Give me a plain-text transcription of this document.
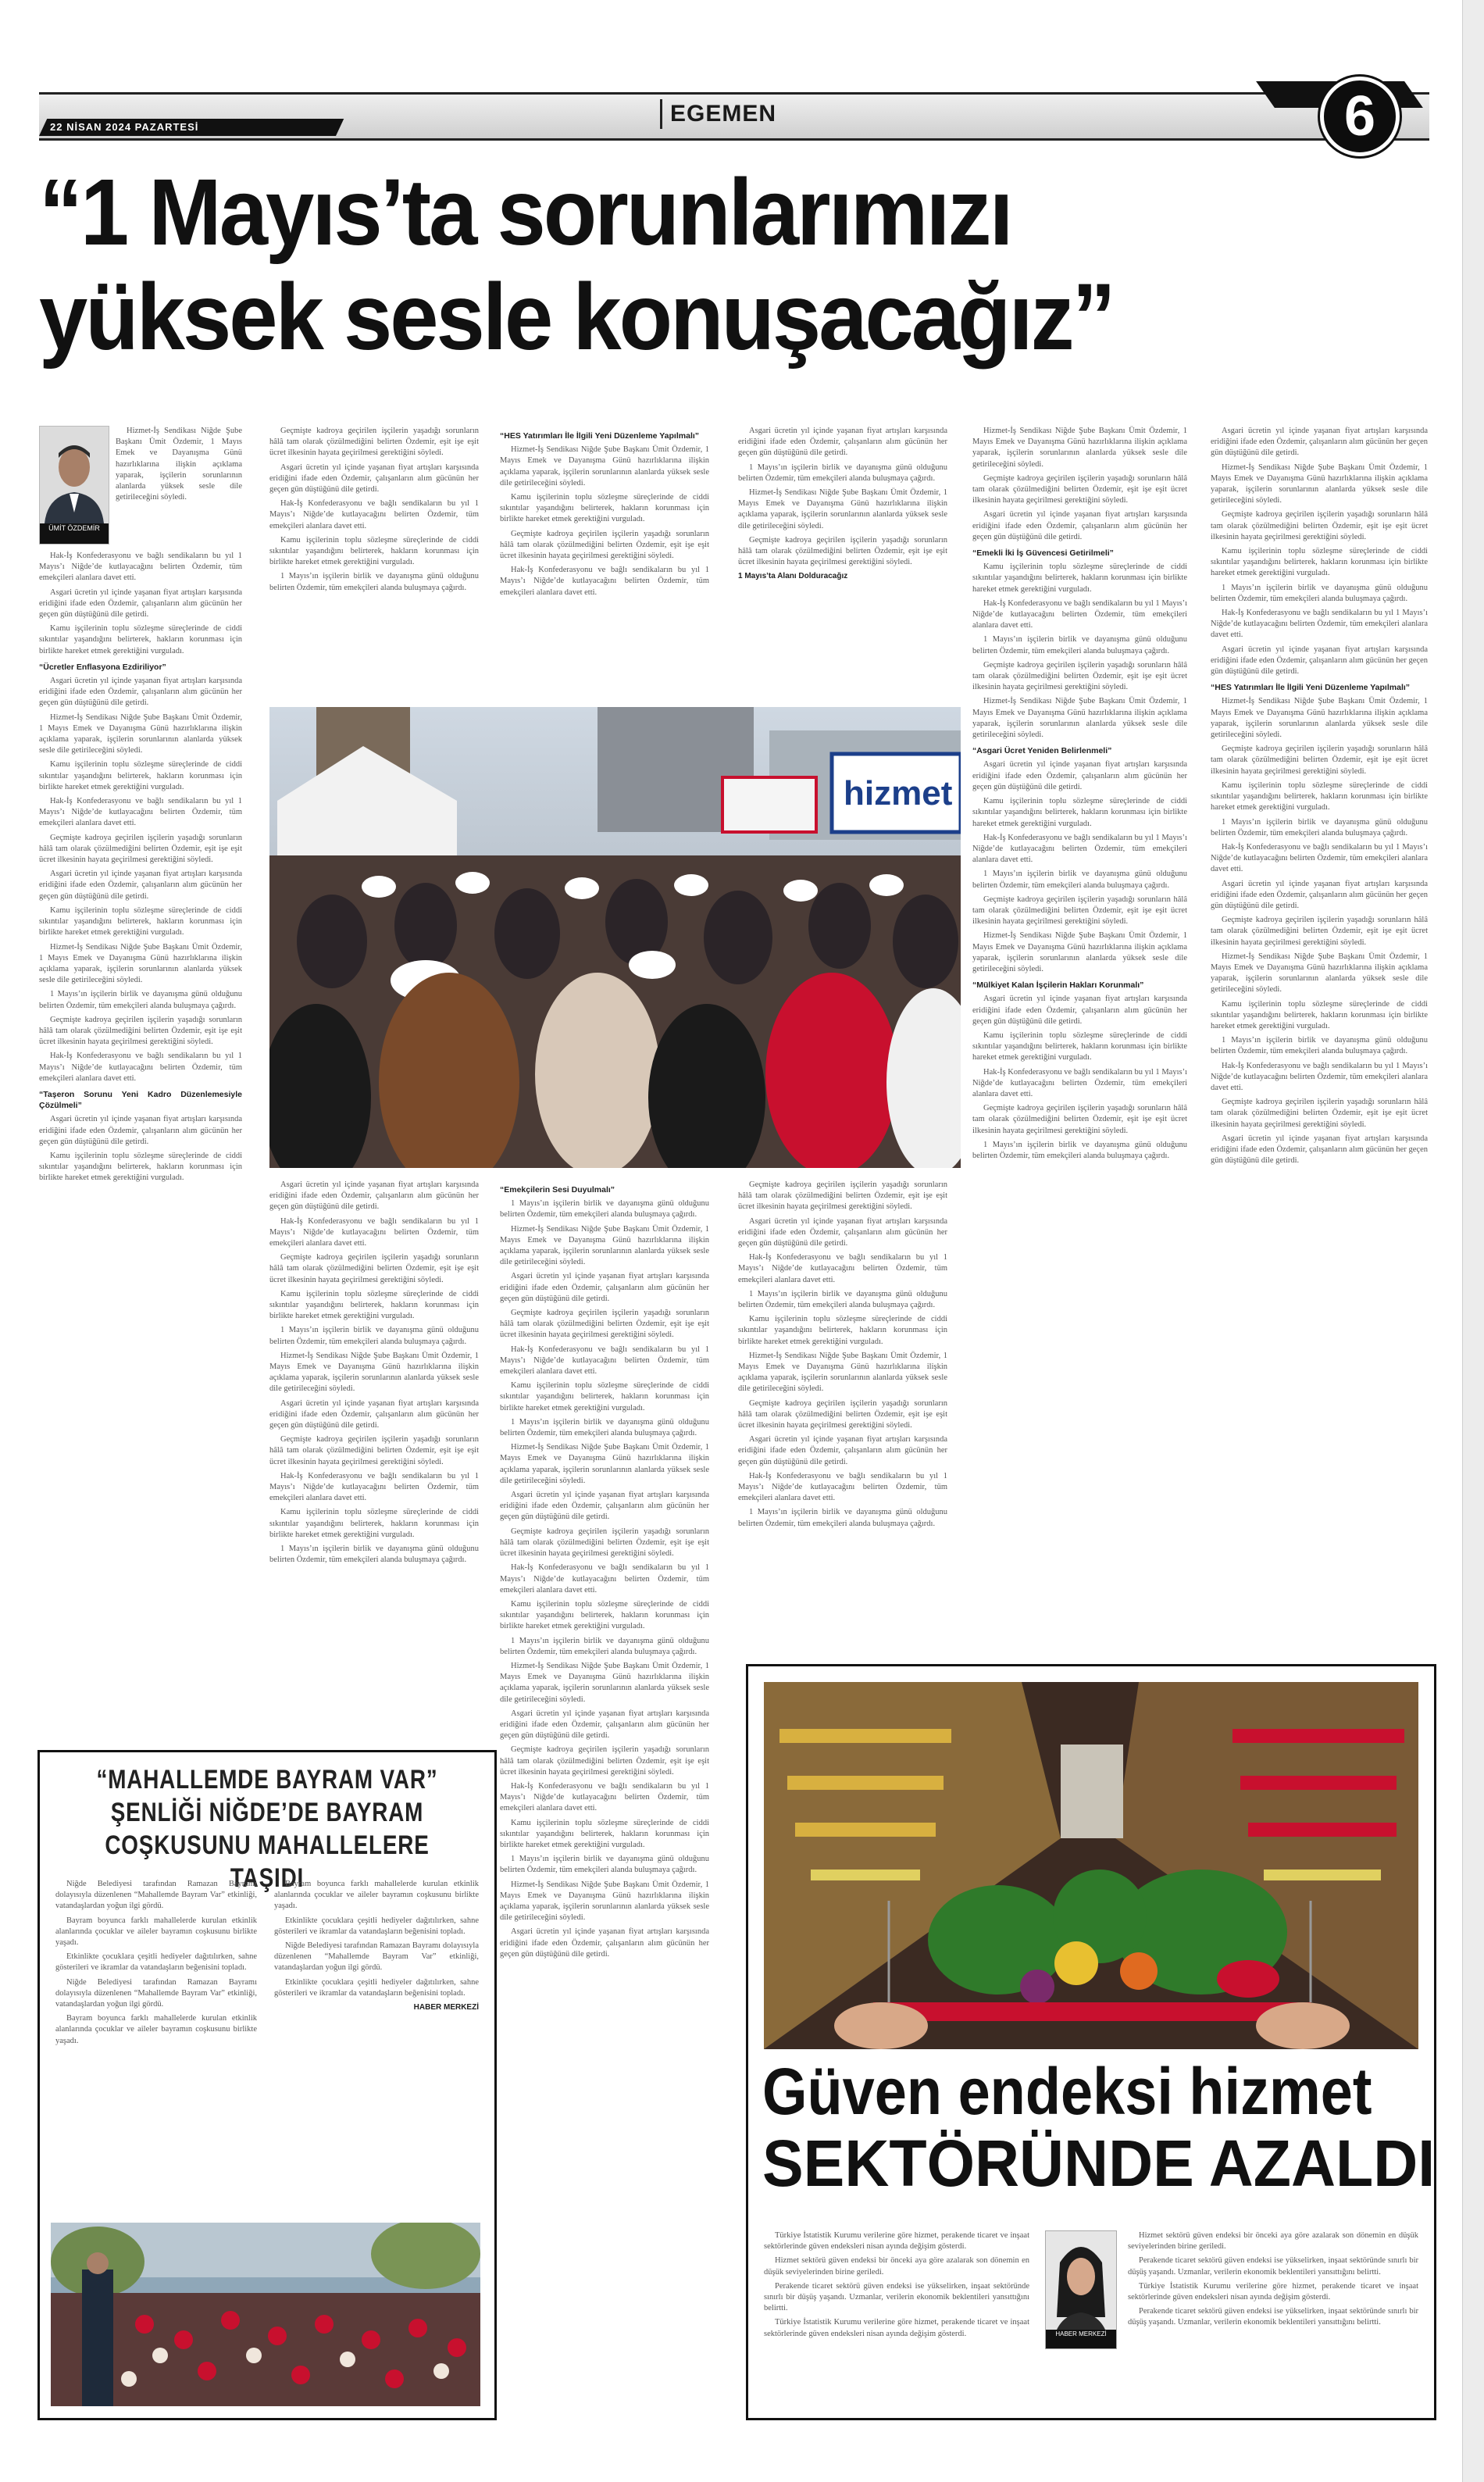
22 NİSAN 2024 PAZARTESİ
EGEMEN	6
“1 Mayıs’ta sorunlarımızı
yüksek sesle konuşacağız”
ÜMİT ÖZDEMİR

Hizmet-İş Sendikası Niğde Şube Başkanı Ümit Özdemir, 1 Mayıs Emek ve Dayanışma Günü hazırlıklarına ilişkin açıklama yaparak, işçilerin sorunlarının alanlarda yüksek sesle dile getirileceğini söyledi.

Hak-İş Konfederasyonu ve bağlı sendikaların bu yıl 1 Mayıs’ı Niğde’de kutlayacağını belirten Özdemir, tüm emekçileri alanlara davet etti.

Asgari ücretin yıl içinde yaşanan fiyat artışları karşısında eridiğini ifade eden Özdemir, çalışanların alım gücünün her geçen gün düştüğünü dile getirdi.

Kamu işçilerinin toplu sözleşme süreçlerinde de ciddi sıkıntılar yaşandığını belirterek, hakların korunması için birlikte hareket etmek gerektiğini vurguladı.

“Ücretler Enflasyona Ezdiriliyor”

Asgari ücretin yıl içinde yaşanan fiyat artışları karşısında eridiğini ifade eden Özdemir, çalışanların alım gücünün her geçen gün düştüğünü dile getirdi.

Hizmet-İş Sendikası Niğde Şube Başkanı Ümit Özdemir, 1 Mayıs Emek ve Dayanışma Günü hazırlıklarına ilişkin açıklama yaparak, işçilerin sorunlarının alanlarda yüksek sesle dile getirileceğini söyledi.

Kamu işçilerinin toplu sözleşme süreçlerinde de ciddi sıkıntılar yaşandığını belirterek, hakların korunması için birlikte hareket etmek gerektiğini vurguladı.

Hak-İş Konfederasyonu ve bağlı sendikaların bu yıl 1 Mayıs’ı Niğde’de kutlayacağını belirten Özdemir, tüm emekçileri alanlara davet etti.

Geçmişte kadroya geçirilen işçilerin yaşadığı sorunların hâlâ tam olarak çözülmediğini belirten Özdemir, eşit işe eşit ücret ilkesinin hayata geçirilmesi gerektiğini söyledi.

Asgari ücretin yıl içinde yaşanan fiyat artışları karşısında eridiğini ifade eden Özdemir, çalışanların alım gücünün her geçen gün düştüğünü dile getirdi.

Kamu işçilerinin toplu sözleşme süreçlerinde de ciddi sıkıntılar yaşandığını belirterek, hakların korunması için birlikte hareket etmek gerektiğini vurguladı.

Hizmet-İş Sendikası Niğde Şube Başkanı Ümit Özdemir, 1 Mayıs Emek ve Dayanışma Günü hazırlıklarına ilişkin açıklama yaparak, işçilerin sorunlarının alanlarda yüksek sesle dile getirileceğini söyledi.

1 Mayıs’ın işçilerin birlik ve dayanışma günü olduğunu belirten Özdemir, tüm emekçileri alanda buluşmaya çağırdı.

Geçmişte kadroya geçirilen işçilerin yaşadığı sorunların hâlâ tam olarak çözülmediğini belirten Özdemir, eşit işe eşit ücret ilkesinin hayata geçirilmesi gerektiğini söyledi.

Hak-İş Konfederasyonu ve bağlı sendikaların bu yıl 1 Mayıs’ı Niğde’de kutlayacağını belirten Özdemir, tüm emekçileri alanlara davet etti.

“Taşeron Sorunu Yeni Kadro Düzenlemesiyle Çözülmeli”

Asgari ücretin yıl içinde yaşanan fiyat artışları karşısında eridiğini ifade eden Özdemir, çalışanların alım gücünün her geçen gün düştüğünü dile getirdi.

Kamu işçilerinin toplu sözleşme süreçlerinde de ciddi sıkıntılar yaşandığını belirterek, hakların korunması için birlikte hareket etmek gerektiğini vurguladı.

Geçmişte kadroya geçirilen işçilerin yaşadığı sorunların hâlâ tam olarak çözülmediğini belirten Özdemir, eşit işe eşit ücret ilkesinin hayata geçirilmesi gerektiğini söyledi.

Asgari ücretin yıl içinde yaşanan fiyat artışları karşısında eridiğini ifade eden Özdemir, çalışanların alım gücünün her geçen gün düştüğünü dile getirdi.

Hak-İş Konfederasyonu ve bağlı sendikaların bu yıl 1 Mayıs’ı Niğde’de kutlayacağını belirten Özdemir, tüm emekçileri alanlara davet etti.

Kamu işçilerinin toplu sözleşme süreçlerinde de ciddi sıkıntılar yaşandığını belirterek, hakların korunması için birlikte hareket etmek gerektiğini vurguladı.

1 Mayıs’ın işçilerin birlik ve dayanışma günü olduğunu belirten Özdemir, tüm emekçileri alanda buluşmaya çağırdı.

“HES Yatırımları İle İlgili Yeni Düzenleme Yapılmalı”

Hizmet-İş Sendikası Niğde Şube Başkanı Ümit Özdemir, 1 Mayıs Emek ve Dayanışma Günü hazırlıklarına ilişkin açıklama yaparak, işçilerin sorunlarının alanlarda yüksek sesle dile getirileceğini söyledi.

Kamu işçilerinin toplu sözleşme süreçlerinde de ciddi sıkıntılar yaşandığını belirterek, hakların korunması için birlikte hareket etmek gerektiğini vurguladı.

Geçmişte kadroya geçirilen işçilerin yaşadığı sorunların hâlâ tam olarak çözülmediğini belirten Özdemir, eşit işe eşit ücret ilkesinin hayata geçirilmesi gerektiğini söyledi.

Hak-İş Konfederasyonu ve bağlı sendikaların bu yıl 1 Mayıs’ı Niğde’de kutlayacağını belirten Özdemir, tüm emekçileri alanlara davet etti.

Asgari ücretin yıl içinde yaşanan fiyat artışları karşısında eridiğini ifade eden Özdemir, çalışanların alım gücünün her geçen gün düştüğünü dile getirdi.

1 Mayıs’ın işçilerin birlik ve dayanışma günü olduğunu belirten Özdemir, tüm emekçileri alanda buluşmaya çağırdı.

Hizmet-İş Sendikası Niğde Şube Başkanı Ümit Özdemir, 1 Mayıs Emek ve Dayanışma Günü hazırlıklarına ilişkin açıklama yaparak, işçilerin sorunlarının alanlarda yüksek sesle dile getirileceğini söyledi.

Geçmişte kadroya geçirilen işçilerin yaşadığı sorunların hâlâ tam olarak çözülmediğini belirten Özdemir, eşit işe eşit ücret ilkesinin hayata geçirilmesi gerektiğini söyledi.

1 Mayıs’ta Alanı Dolduracağız

hizmet

Asgari ücretin yıl içinde yaşanan fiyat artışları karşısında eridiğini ifade eden Özdemir, çalışanların alım gücünün her geçen gün düştüğünü dile getirdi.

Hak-İş Konfederasyonu ve bağlı sendikaların bu yıl 1 Mayıs’ı Niğde’de kutlayacağını belirten Özdemir, tüm emekçileri alanlara davet etti.

Geçmişte kadroya geçirilen işçilerin yaşadığı sorunların hâlâ tam olarak çözülmediğini belirten Özdemir, eşit işe eşit ücret ilkesinin hayata geçirilmesi gerektiğini söyledi.

Kamu işçilerinin toplu sözleşme süreçlerinde de ciddi sıkıntılar yaşandığını belirterek, hakların korunması için birlikte hareket etmek gerektiğini vurguladı.

1 Mayıs’ın işçilerin birlik ve dayanışma günü olduğunu belirten Özdemir, tüm emekçileri alanda buluşmaya çağırdı.

Hizmet-İş Sendikası Niğde Şube Başkanı Ümit Özdemir, 1 Mayıs Emek ve Dayanışma Günü hazırlıklarına ilişkin açıklama yaparak, işçilerin sorunlarının alanlarda yüksek sesle dile getirileceğini söyledi.

Asgari ücretin yıl içinde yaşanan fiyat artışları karşısında eridiğini ifade eden Özdemir, çalışanların alım gücünün her geçen gün düştüğünü dile getirdi.

Geçmişte kadroya geçirilen işçilerin yaşadığı sorunların hâlâ tam olarak çözülmediğini belirten Özdemir, eşit işe eşit ücret ilkesinin hayata geçirilmesi gerektiğini söyledi.

Hak-İş Konfederasyonu ve bağlı sendikaların bu yıl 1 Mayıs’ı Niğde’de kutlayacağını belirten Özdemir, tüm emekçileri alanlara davet etti.

Kamu işçilerinin toplu sözleşme süreçlerinde de ciddi sıkıntılar yaşandığını belirterek, hakların korunması için birlikte hareket etmek gerektiğini vurguladı.

1 Mayıs’ın işçilerin birlik ve dayanışma günü olduğunu belirten Özdemir, tüm emekçileri alanda buluşmaya çağırdı.

“Emekçilerin Sesi Duyulmalı”

1 Mayıs’ın işçilerin birlik ve dayanışma günü olduğunu belirten Özdemir, tüm emekçileri alanda buluşmaya çağırdı.

Hizmet-İş Sendikası Niğde Şube Başkanı Ümit Özdemir, 1 Mayıs Emek ve Dayanışma Günü hazırlıklarına ilişkin açıklama yaparak, işçilerin sorunlarının alanlarda yüksek sesle dile getirileceğini söyledi.

Asgari ücretin yıl içinde yaşanan fiyat artışları karşısında eridiğini ifade eden Özdemir, çalışanların alım gücünün her geçen gün düştüğünü dile getirdi.

Geçmişte kadroya geçirilen işçilerin yaşadığı sorunların hâlâ tam olarak çözülmediğini belirten Özdemir, eşit işe eşit ücret ilkesinin hayata geçirilmesi gerektiğini söyledi.

Hak-İş Konfederasyonu ve bağlı sendikaların bu yıl 1 Mayıs’ı Niğde’de kutlayacağını belirten Özdemir, tüm emekçileri alanlara davet etti.

Kamu işçilerinin toplu sözleşme süreçlerinde de ciddi sıkıntılar yaşandığını belirterek, hakların korunması için birlikte hareket etmek gerektiğini vurguladı.

1 Mayıs’ın işçilerin birlik ve dayanışma günü olduğunu belirten Özdemir, tüm emekçileri alanda buluşmaya çağırdı.

Hizmet-İş Sendikası Niğde Şube Başkanı Ümit Özdemir, 1 Mayıs Emek ve Dayanışma Günü hazırlıklarına ilişkin açıklama yaparak, işçilerin sorunlarının alanlarda yüksek sesle dile getirileceğini söyledi.

Asgari ücretin yıl içinde yaşanan fiyat artışları karşısında eridiğini ifade eden Özdemir, çalışanların alım gücünün her geçen gün düştüğünü dile getirdi.

Geçmişte kadroya geçirilen işçilerin yaşadığı sorunların hâlâ tam olarak çözülmediğini belirten Özdemir, eşit işe eşit ücret ilkesinin hayata geçirilmesi gerektiğini söyledi.

Hak-İş Konfederasyonu ve bağlı sendikaların bu yıl 1 Mayıs’ı Niğde’de kutlayacağını belirten Özdemir, tüm emekçileri alanlara davet etti.

Kamu işçilerinin toplu sözleşme süreçlerinde de ciddi sıkıntılar yaşandığını belirterek, hakların korunması için birlikte hareket etmek gerektiğini vurguladı.

1 Mayıs’ın işçilerin birlik ve dayanışma günü olduğunu belirten Özdemir, tüm emekçileri alanda buluşmaya çağırdı.

Hizmet-İş Sendikası Niğde Şube Başkanı Ümit Özdemir, 1 Mayıs Emek ve Dayanışma Günü hazırlıklarına ilişkin açıklama yaparak, işçilerin sorunlarının alanlarda yüksek sesle dile getirileceğini söyledi.

Asgari ücretin yıl içinde yaşanan fiyat artışları karşısında eridiğini ifade eden Özdemir, çalışanların alım gücünün her geçen gün düştüğünü dile getirdi.

Geçmişte kadroya geçirilen işçilerin yaşadığı sorunların hâlâ tam olarak çözülmediğini belirten Özdemir, eşit işe eşit ücret ilkesinin hayata geçirilmesi gerektiğini söyledi.

Hak-İş Konfederasyonu ve bağlı sendikaların bu yıl 1 Mayıs’ı Niğde’de kutlayacağını belirten Özdemir, tüm emekçileri alanlara davet etti.

Kamu işçilerinin toplu sözleşme süreçlerinde de ciddi sıkıntılar yaşandığını belirterek, hakların korunması için birlikte hareket etmek gerektiğini vurguladı.

1 Mayıs’ın işçilerin birlik ve dayanışma günü olduğunu belirten Özdemir, tüm emekçileri alanda buluşmaya çağırdı.

Hizmet-İş Sendikası Niğde Şube Başkanı Ümit Özdemir, 1 Mayıs Emek ve Dayanışma Günü hazırlıklarına ilişkin açıklama yaparak, işçilerin sorunlarının alanlarda yüksek sesle dile getirileceğini söyledi.

Asgari ücretin yıl içinde yaşanan fiyat artışları karşısında eridiğini ifade eden Özdemir, çalışanların alım gücünün her geçen gün düştüğünü dile getirdi.

Geçmişte kadroya geçirilen işçilerin yaşadığı sorunların hâlâ tam olarak çözülmediğini belirten Özdemir, eşit işe eşit ücret ilkesinin hayata geçirilmesi gerektiğini söyledi.

Asgari ücretin yıl içinde yaşanan fiyat artışları karşısında eridiğini ifade eden Özdemir, çalışanların alım gücünün her geçen gün düştüğünü dile getirdi.

Hak-İş Konfederasyonu ve bağlı sendikaların bu yıl 1 Mayıs’ı Niğde’de kutlayacağını belirten Özdemir, tüm emekçileri alanlara davet etti.

1 Mayıs’ın işçilerin birlik ve dayanışma günü olduğunu belirten Özdemir, tüm emekçileri alanda buluşmaya çağırdı.

Kamu işçilerinin toplu sözleşme süreçlerinde de ciddi sıkıntılar yaşandığını belirterek, hakların korunması için birlikte hareket etmek gerektiğini vurguladı.

Hizmet-İş Sendikası Niğde Şube Başkanı Ümit Özdemir, 1 Mayıs Emek ve Dayanışma Günü hazırlıklarına ilişkin açıklama yaparak, işçilerin sorunlarının alanlarda yüksek sesle dile getirileceğini söyledi.

Geçmişte kadroya geçirilen işçilerin yaşadığı sorunların hâlâ tam olarak çözülmediğini belirten Özdemir, eşit işe eşit ücret ilkesinin hayata geçirilmesi gerektiğini söyledi.

Asgari ücretin yıl içinde yaşanan fiyat artışları karşısında eridiğini ifade eden Özdemir, çalışanların alım gücünün her geçen gün düştüğünü dile getirdi.

Hak-İş Konfederasyonu ve bağlı sendikaların bu yıl 1 Mayıs’ı Niğde’de kutlayacağını belirten Özdemir, tüm emekçileri alanlara davet etti.

1 Mayıs’ın işçilerin birlik ve dayanışma günü olduğunu belirten Özdemir, tüm emekçileri alanda buluşmaya çağırdı.

Hizmet-İş Sendikası Niğde Şube Başkanı Ümit Özdemir, 1 Mayıs Emek ve Dayanışma Günü hazırlıklarına ilişkin açıklama yaparak, işçilerin sorunlarının alanlarda yüksek sesle dile getirileceğini söyledi.

Geçmişte kadroya geçirilen işçilerin yaşadığı sorunların hâlâ tam olarak çözülmediğini belirten Özdemir, eşit işe eşit ücret ilkesinin hayata geçirilmesi gerektiğini söyledi.

Asgari ücretin yıl içinde yaşanan fiyat artışları karşısında eridiğini ifade eden Özdemir, çalışanların alım gücünün her geçen gün düştüğünü dile getirdi.

“Emekli İki İş Güvencesi Getirilmeli”

Kamu işçilerinin toplu sözleşme süreçlerinde de ciddi sıkıntılar yaşandığını belirterek, hakların korunması için birlikte hareket etmek gerektiğini vurguladı.

Hak-İş Konfederasyonu ve bağlı sendikaların bu yıl 1 Mayıs’ı Niğde’de kutlayacağını belirten Özdemir, tüm emekçileri alanlara davet etti.

1 Mayıs’ın işçilerin birlik ve dayanışma günü olduğunu belirten Özdemir, tüm emekçileri alanda buluşmaya çağırdı.

Geçmişte kadroya geçirilen işçilerin yaşadığı sorunların hâlâ tam olarak çözülmediğini belirten Özdemir, eşit işe eşit ücret ilkesinin hayata geçirilmesi gerektiğini söyledi.

Hizmet-İş Sendikası Niğde Şube Başkanı Ümit Özdemir, 1 Mayıs Emek ve Dayanışma Günü hazırlıklarına ilişkin açıklama yaparak, işçilerin sorunlarının alanlarda yüksek sesle dile getirileceğini söyledi.

“Asgari Ücret Yeniden Belirlenmeli”

Asgari ücretin yıl içinde yaşanan fiyat artışları karşısında eridiğini ifade eden Özdemir, çalışanların alım gücünün her geçen gün düştüğünü dile getirdi.

Kamu işçilerinin toplu sözleşme süreçlerinde de ciddi sıkıntılar yaşandığını belirterek, hakların korunması için birlikte hareket etmek gerektiğini vurguladı.

Hak-İş Konfederasyonu ve bağlı sendikaların bu yıl 1 Mayıs’ı Niğde’de kutlayacağını belirten Özdemir, tüm emekçileri alanlara davet etti.

1 Mayıs’ın işçilerin birlik ve dayanışma günü olduğunu belirten Özdemir, tüm emekçileri alanda buluşmaya çağırdı.

Geçmişte kadroya geçirilen işçilerin yaşadığı sorunların hâlâ tam olarak çözülmediğini belirten Özdemir, eşit işe eşit ücret ilkesinin hayata geçirilmesi gerektiğini söyledi.

Hizmet-İş Sendikası Niğde Şube Başkanı Ümit Özdemir, 1 Mayıs Emek ve Dayanışma Günü hazırlıklarına ilişkin açıklama yaparak, işçilerin sorunlarının alanlarda yüksek sesle dile getirileceğini söyledi.

“Mülkiyet Kalan İşçilerin Hakları Korunmalı”

Asgari ücretin yıl içinde yaşanan fiyat artışları karşısında eridiğini ifade eden Özdemir, çalışanların alım gücünün her geçen gün düştüğünü dile getirdi.

Kamu işçilerinin toplu sözleşme süreçlerinde de ciddi sıkıntılar yaşandığını belirterek, hakların korunması için birlikte hareket etmek gerektiğini vurguladı.

Hak-İş Konfederasyonu ve bağlı sendikaların bu yıl 1 Mayıs’ı Niğde’de kutlayacağını belirten Özdemir, tüm emekçileri alanlara davet etti.

Geçmişte kadroya geçirilen işçilerin yaşadığı sorunların hâlâ tam olarak çözülmediğini belirten Özdemir, eşit işe eşit ücret ilkesinin hayata geçirilmesi gerektiğini söyledi.

1 Mayıs’ın işçilerin birlik ve dayanışma günü olduğunu belirten Özdemir, tüm emekçileri alanda buluşmaya çağırdı.

Asgari ücretin yıl içinde yaşanan fiyat artışları karşısında eridiğini ifade eden Özdemir, çalışanların alım gücünün her geçen gün düştüğünü dile getirdi.

Hizmet-İş Sendikası Niğde Şube Başkanı Ümit Özdemir, 1 Mayıs Emek ve Dayanışma Günü hazırlıklarına ilişkin açıklama yaparak, işçilerin sorunlarının alanlarda yüksek sesle dile getirileceğini söyledi.

Geçmişte kadroya geçirilen işçilerin yaşadığı sorunların hâlâ tam olarak çözülmediğini belirten Özdemir, eşit işe eşit ücret ilkesinin hayata geçirilmesi gerektiğini söyledi.

Kamu işçilerinin toplu sözleşme süreçlerinde de ciddi sıkıntılar yaşandığını belirterek, hakların korunması için birlikte hareket etmek gerektiğini vurguladı.

1 Mayıs’ın işçilerin birlik ve dayanışma günü olduğunu belirten Özdemir, tüm emekçileri alanda buluşmaya çağırdı.

Hak-İş Konfederasyonu ve bağlı sendikaların bu yıl 1 Mayıs’ı Niğde’de kutlayacağını belirten Özdemir, tüm emekçileri alanlara davet etti.

Asgari ücretin yıl içinde yaşanan fiyat artışları karşısında eridiğini ifade eden Özdemir, çalışanların alım gücünün her geçen gün düştüğünü dile getirdi.

“HES Yatırımları İle İlgili Yeni Düzenleme Yapılmalı”

Hizmet-İş Sendikası Niğde Şube Başkanı Ümit Özdemir, 1 Mayıs Emek ve Dayanışma Günü hazırlıklarına ilişkin açıklama yaparak, işçilerin sorunlarının alanlarda yüksek sesle dile getirileceğini söyledi.

Geçmişte kadroya geçirilen işçilerin yaşadığı sorunların hâlâ tam olarak çözülmediğini belirten Özdemir, eşit işe eşit ücret ilkesinin hayata geçirilmesi gerektiğini söyledi.

Kamu işçilerinin toplu sözleşme süreçlerinde de ciddi sıkıntılar yaşandığını belirterek, hakların korunması için birlikte hareket etmek gerektiğini vurguladı.

1 Mayıs’ın işçilerin birlik ve dayanışma günü olduğunu belirten Özdemir, tüm emekçileri alanda buluşmaya çağırdı.

Hak-İş Konfederasyonu ve bağlı sendikaların bu yıl 1 Mayıs’ı Niğde’de kutlayacağını belirten Özdemir, tüm emekçileri alanlara davet etti.

Asgari ücretin yıl içinde yaşanan fiyat artışları karşısında eridiğini ifade eden Özdemir, çalışanların alım gücünün her geçen gün düştüğünü dile getirdi.

Geçmişte kadroya geçirilen işçilerin yaşadığı sorunların hâlâ tam olarak çözülmediğini belirten Özdemir, eşit işe eşit ücret ilkesinin hayata geçirilmesi gerektiğini söyledi.

Hizmet-İş Sendikası Niğde Şube Başkanı Ümit Özdemir, 1 Mayıs Emek ve Dayanışma Günü hazırlıklarına ilişkin açıklama yaparak, işçilerin sorunlarının alanlarda yüksek sesle dile getirileceğini söyledi.

Kamu işçilerinin toplu sözleşme süreçlerinde de ciddi sıkıntılar yaşandığını belirterek, hakların korunması için birlikte hareket etmek gerektiğini vurguladı.

1 Mayıs’ın işçilerin birlik ve dayanışma günü olduğunu belirten Özdemir, tüm emekçileri alanda buluşmaya çağırdı.

Hak-İş Konfederasyonu ve bağlı sendikaların bu yıl 1 Mayıs’ı Niğde’de kutlayacağını belirten Özdemir, tüm emekçileri alanlara davet etti.

Geçmişte kadroya geçirilen işçilerin yaşadığı sorunların hâlâ tam olarak çözülmediğini belirten Özdemir, eşit işe eşit ücret ilkesinin hayata geçirilmesi gerektiğini söyledi.

Asgari ücretin yıl içinde yaşanan fiyat artışları karşısında eridiğini ifade eden Özdemir, çalışanların alım gücünün her geçen gün düştüğünü dile getirdi.

“MAHALLEMDE BAYRAM VAR”
ŞENLİĞİ NİĞDE’DE BAYRAM
COŞKUSUNU MAHALLELERE TAŞIDI

Niğde Belediyesi tarafından Ramazan Bayramı dolayısıyla düzenlenen “Mahallemde Bayram Var” etkinliği, vatandaşlardan yoğun ilgi gördü.

Bayram boyunca farklı mahallelerde kurulan etkinlik alanlarında çocuklar ve aileler bayramın coşkusunu birlikte yaşadı.

Etkinlikte çocuklara çeşitli hediyeler dağıtılırken, sahne gösterileri ve ikramlar da vatandaşların beğenisini topladı.

Niğde Belediyesi tarafından Ramazan Bayramı dolayısıyla düzenlenen “Mahallemde Bayram Var” etkinliği, vatandaşlardan yoğun ilgi gördü.

Bayram boyunca farklı mahallelerde kurulan etkinlik alanlarında çocuklar ve aileler bayramın coşkusunu birlikte yaşadı.

Bayram boyunca farklı mahallelerde kurulan etkinlik alanlarında çocuklar ve aileler bayramın coşkusunu birlikte yaşadı.

Etkinlikte çocuklara çeşitli hediyeler dağıtılırken, sahne gösterileri ve ikramlar da vatandaşların beğenisini topladı.

Niğde Belediyesi tarafından Ramazan Bayramı dolayısıyla düzenlenen “Mahallemde Bayram Var” etkinliği, vatandaşlardan yoğun ilgi gördü.

Etkinlikte çocuklara çeşitli hediyeler dağıtılırken, sahne gösterileri ve ikramlar da vatandaşların beğenisini topladı.

HABER MERKEZİ

Güven endeksi hizmet
SEKTÖRÜNDE AZALDI

Türkiye İstatistik Kurumu verilerine göre hizmet, perakende ticaret ve inşaat sektörlerinde güven endeksleri nisan ayında değişim gösterdi.

Hizmet sektörü güven endeksi bir önceki aya göre azalarak son dönemin en düşük seviyelerinden birine geriledi.

Perakende ticaret sektörü güven endeksi ise yükselirken, inşaat sektöründe sınırlı bir düşüş yaşandı. Uzmanlar, verilerin ekonomik beklentileri yansıttığını belirtti.

Türkiye İstatistik Kurumu verilerine göre hizmet, perakende ticaret ve inşaat sektörlerinde güven endeksleri nisan ayında değişim gösterdi.	HABER MERKEZİ

Hizmet sektörü güven endeksi bir önceki aya göre azalarak son dönemin en düşük seviyelerinden birine geriledi.

Perakende ticaret sektörü güven endeksi ise yükselirken, inşaat sektöründe sınırlı bir düşüş yaşandı. Uzmanlar, verilerin ekonomik beklentileri yansıttığını belirtti.

Türkiye İstatistik Kurumu verilerine göre hizmet, perakende ticaret ve inşaat sektörlerinde güven endeksleri nisan ayında değişim gösterdi.

Perakende ticaret sektörü güven endeksi ise yükselirken, inşaat sektöründe sınırlı bir düşüş yaşandı. Uzmanlar, verilerin ekonomik beklentileri yansıttığını belirtti.
